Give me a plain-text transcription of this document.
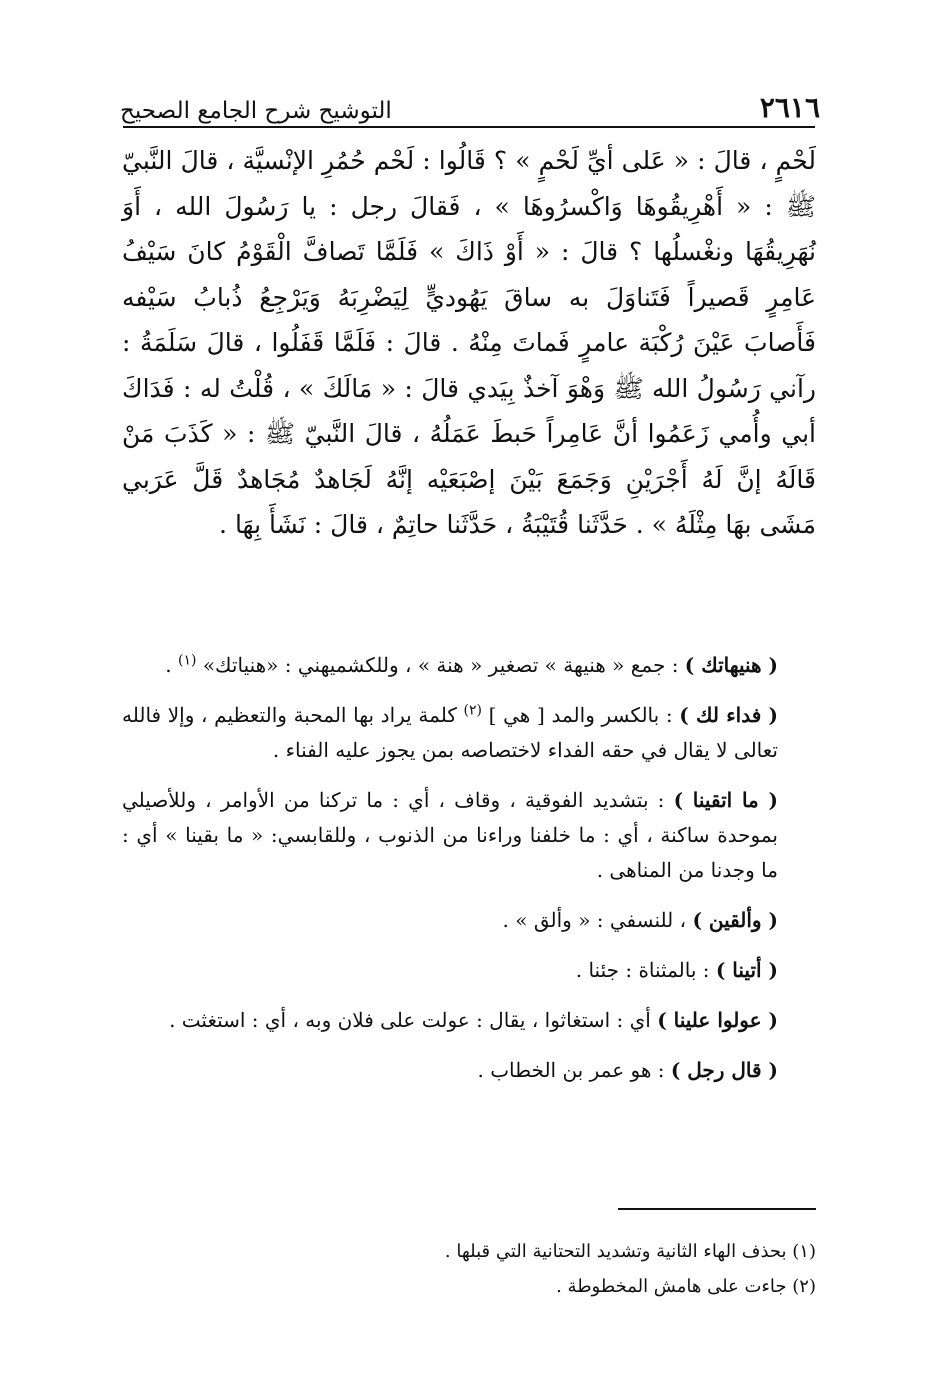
٢٦١٦
التوشيح شرح الجامع الصحيح

لَحْمٍ ، قالَ : « عَلى أيِّ لَحْمٍ » ؟ قَالُوا : لَحْم حُمُرِ الإنْسيَّة ، قالَ النَّبيّ ﷺ : « أَهْرِيقُوهَا وَاكْسرُوهَا » ، فَقالَ رجل : يا رَسُولَ الله ، أَوَ نُهَرِيقُهَا ونغْسلُها ؟ قالَ : « أَوْ ذَاكَ » فَلَمَّا تَصافَّ الْقَوْمُ كانَ سَيْفُ عَامِرٍ قَصيراً فَتَناوَلَ به ساقَ يَهُوديٍّ لِيَضْرِبَهُ وَيَرْجِعُ ذُبابُ سَيْفه فَأَصابَ عَيْنَ رُكْبَة عامرٍ فَماتَ مِنْهُ . قالَ : فَلَمَّا قَفَلُوا ، قالَ سَلَمَةُ : رآني رَسُولُ الله ﷺ وَهْوَ آخذٌ بِيَدي قالَ : « مَالَكَ » ، قُلْتُ له : فَدَاكَ أبي وأُمي زَعَمُوا أنَّ عَامِراً حَبطَ عَمَلُهُ ، قالَ النَّبيّ ﷺ : « كَذَبَ مَنْ قَالَهُ إنَّ لَهُ أَجْرَيْنِ وَجَمَعَ بَيْنَ إصْبَعَيْه إنَّهُ لَجَاهدٌ مُجَاهدٌ قَلَّ عَرَبي مَشَى بهَا مِثْلَهُ » . حَدَّثَنا قُتَيْبَةُ ، حَدَّثَنا حاتِمٌ ، قالَ : نَشَأَ بِهَا .

( هنيهاتك ) : جمع « هنيهة » تصغير « هنة » ، وللكشميهني : «هنياتك» $^{(١)}$ .

( فداء لك ) : بالكسر والمد [ هي ] $^{(٢)}$ كلمة يراد بها المحبة والتعظيم ، وإلا فالله تعالى لا يقال في حقه الفداء لاختصاصه بمن يجوز عليه الفناء .

( ما اتقينا ) : بتشديد الفوقية ، وقاف ، أي : ما تركنا من الأوامر ، وللأصيلي بموحدة ساكنة ، أي : ما خلفنا وراءنا من الذنوب ، وللقابسي: « ما بقينا » أي : ما وجدنا من المناهى .

( وألقين ) ، للنسفي : « وألق » .

( أتينا ) : بالمثناة : جئنا .

( عولوا علينا ) أي : استغاثوا ، يقال : عولت على فلان وبه ، أي : استغثت .

( قال رجل ) : هو عمر بن الخطاب .

(١) بحذف الهاء الثانية وتشديد التحتانية التي قبلها .

(٢) جاءت على هامش المخطوطة .
